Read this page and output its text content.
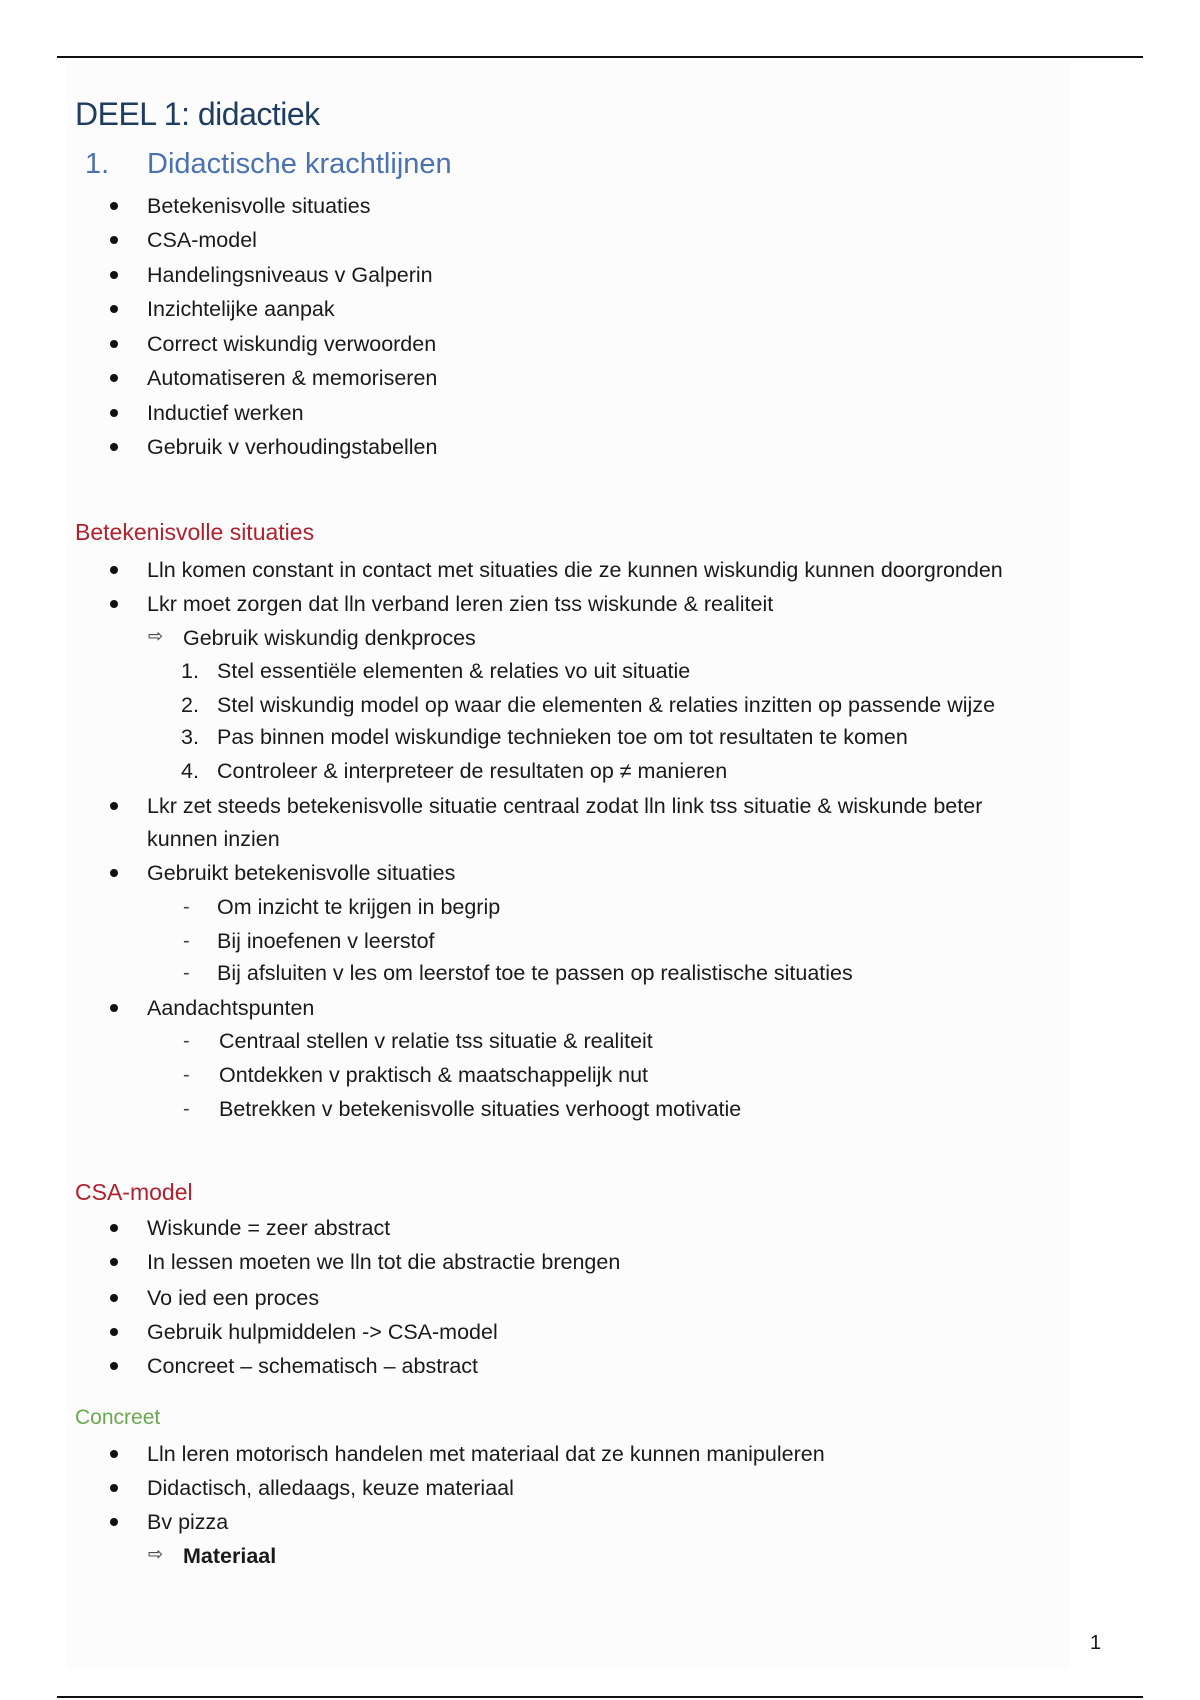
DEEL 1: didactiek
1. Didactische krachtlijnen
Betekenisvolle situaties
CSA-model
Handelingsniveaus v Galperin
Inzichtelijke aanpak
Correct wiskundig verwoorden
Automatiseren & memoriseren
Inductief werken
Gebruik v verhoudingstabellen
Betekenisvolle situaties
Lln komen constant in contact met situaties die ze kunnen wiskundig kunnen doorgronden
Lkr moet zorgen dat lln verband leren zien tss wiskunde & realiteit
⇨ Gebruik wiskundig denkproces
1. Stel essentiële elementen & relaties vo uit situatie
2. Stel wiskundig model op waar die elementen & relaties inzitten op passende wijze
3. Pas binnen model wiskundige technieken toe om tot resultaten te komen
4. Controleer & interpreteer de resultaten op ≠ manieren
Lkr zet steeds betekenisvolle situatie centraal zodat lln link tss situatie & wiskunde beter
kunnen inzien
Gebruikt betekenisvolle situaties
- Om inzicht te krijgen in begrip
- Bij inoefenen v leerstof
- Bij afsluiten v les om leerstof toe te passen op realistische situaties
Aandachtspunten
- Centraal stellen v relatie tss situatie & realiteit
- Ontdekken v praktisch & maatschappelijk nut
- Betrekken v betekenisvolle situaties verhoogt motivatie
CSA-model
Wiskunde = zeer abstract
In lessen moeten we lln tot die abstractie brengen
Vo ied een proces
Gebruik hulpmiddelen -> CSA-model
Concreet – schematisch – abstract
Concreet
Lln leren motorisch handelen met materiaal dat ze kunnen manipuleren
Didactisch, alledaags, keuze materiaal
Bv pizza
⇨ Materiaal
1
